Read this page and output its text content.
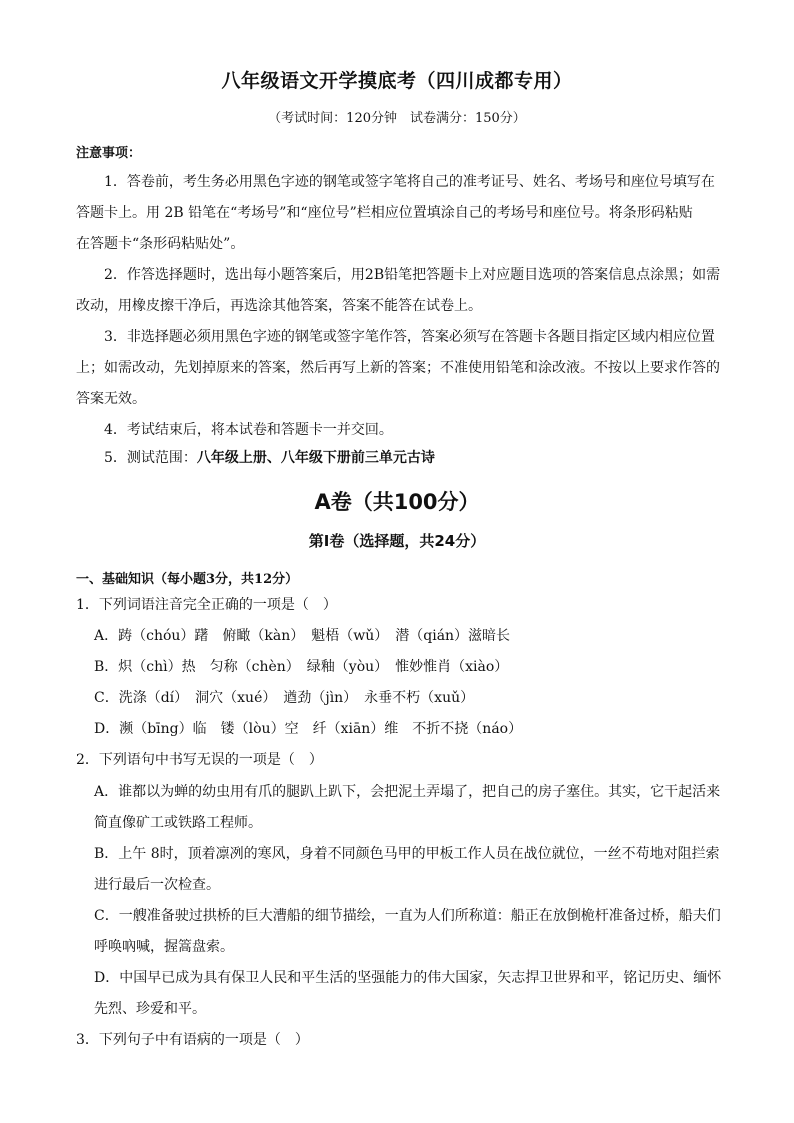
八年级语文开学摸底考（四川成都专用）
（考试时间：120分钟　试卷满分：150分）
注意事项：
1．答卷前，考生务必用黑色字迹的钢笔或签字笔将自己的准考证号、姓名、考场号和座位号填写在
答题卡上。用 2B 铅笔在“考场号”和“座位号”栏相应位置填涂自己的考场号和座位号。将条形码粘贴
在答题卡“条形码粘贴处”。
2．作答选择题时，选出每小题答案后，用2B铅笔把答题卡上对应题目选项的答案信息点涂黑；如需
改动，用橡皮擦干净后，再选涂其他答案，答案不能答在试卷上。
3．非选择题必须用黑色字迹的钢笔或签字笔作答，答案必须写在答题卡各题目指定区域内相应位置
上；如需改动，先划掉原来的答案，然后再写上新的答案；不准使用铅笔和涂改液。不按以上要求作答的
答案无效。
4．考试结束后，将本试卷和答题卡一并交回。
5．测试范围：八年级上册、八年级下册前三单元古诗
A卷（共100分）
第Ⅰ卷（选择题，共24分）
一、基础知识（每小题3分，共12分）
1．下列词语注音完全正确的一项是（　）
A．踌（chóu）躇　俯瞰（kàn）　魁梧（wǔ）　潜（qián）滋暗长
B．炽（chì）热　匀称（chèn）　绿釉（yòu）　惟妙惟肖（xiào）
C．洗涤（dí）　洞穴（xué）　遒劲（jìn）　永垂不朽（xuǔ）
D．濒（bīng）临　镂（lòu）空　纤（xiān）维　不折不挠（náo）
2．下列语句中书写无误的一项是（　）
A．谁都以为蝉的幼虫用有爪的腿趴上趴下，会把泥土弄塌了，把自己的房子塞住。其实，它干起活来
简直像矿工或铁路工程师。
B．上午 8时，顶着凛冽的寒风，身着不同颜色马甲的甲板工作人员在战位就位，一丝不苟地对阻拦索
进行最后一次检查。
C．一艘准备驶过拱桥的巨大漕船的细节描绘，一直为人们所称道：船正在放倒桅杆准备过桥，船夫们
呼唤吶喊，握篙盘索。
D．中国早已成为具有保卫人民和平生活的坚强能力的伟大国家，矢志捍卫世界和平，铭记历史、缅怀
先烈、珍爱和平。
3．下列句子中有语病的一项是（　）
